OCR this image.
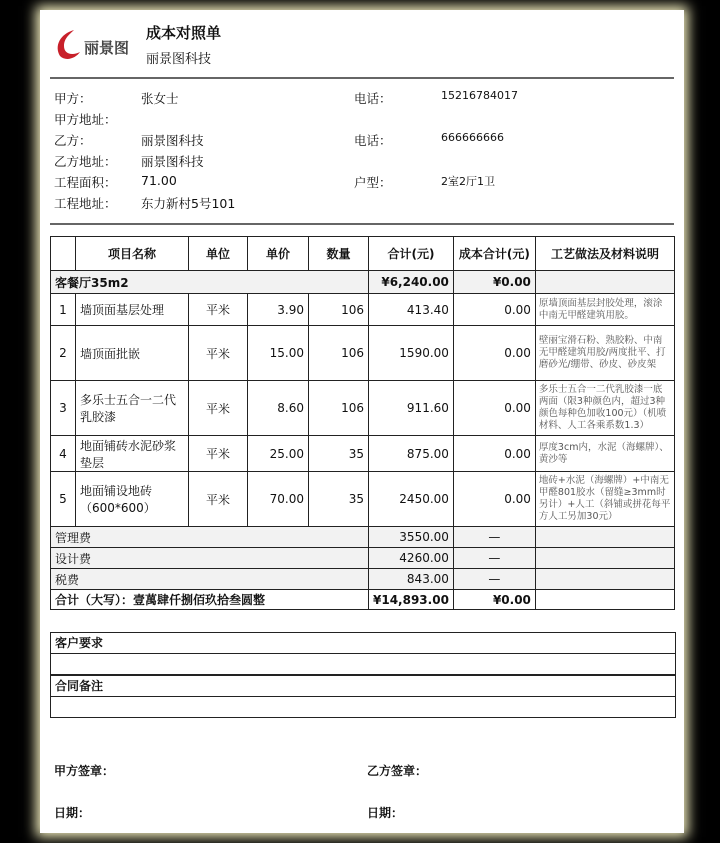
丽景图
成本对照单
丽景图科技
甲方：	张女士	电话：	15216784017
甲方地址：
乙方：	丽景图科技	电话：	666666666
乙方地址： 丽景图科技
工程面积： 71.00	户型：	2室2厅1卫
工程地址： 东力新村5号101
	项目名称	单位	单价	数量	合计(元)	成本合计(元)	工艺做法及材料说明
客餐厅35m2					¥6,240.00	¥0.00	
1	墙顶面基层处理	平米	3.90	106	413.40	0.00	原墙顶面基层封胶处理，滚涂中南无甲醛建筑用胶。
2	墙顶面批嵌	平米	15.00	106	1590.00	0.00	壁丽宝滑石粉、熟胶粉、中南无甲醛建筑用胶/两度批平、打磨砂光/绷带、砂皮、砂皮架
3	多乐士五合一二代乳胶漆	平米	8.60	106	911.60	0.00	多乐士五合一二代乳胶漆一底两面（限3种颜色内，超过3种颜色每种色加收100元）（机喷材料、人工各乘系数1.3）
4	地面铺砖水泥砂浆垫层	平米	25.00	35	875.00	0.00	厚度3cm内，水泥（海螺牌）、黄沙等
5	地面铺设地砖（600*600）	平米	70.00	35	2450.00	0.00	地砖+水泥（海螺牌）+中南无甲醛801胶水（留缝≥3mm时另计）+人工（斜铺或拼花每平方人工另加30元）
管理费					3550.00	—	
设计费					4260.00	—	
税费					843.00	—	
合计（大写）：壹萬肆仟捌佰玖拾叁圆整					¥14,893.00	¥0.00	
客户要求
合同备注
甲方签章：	乙方签章：
日期：	日期：
